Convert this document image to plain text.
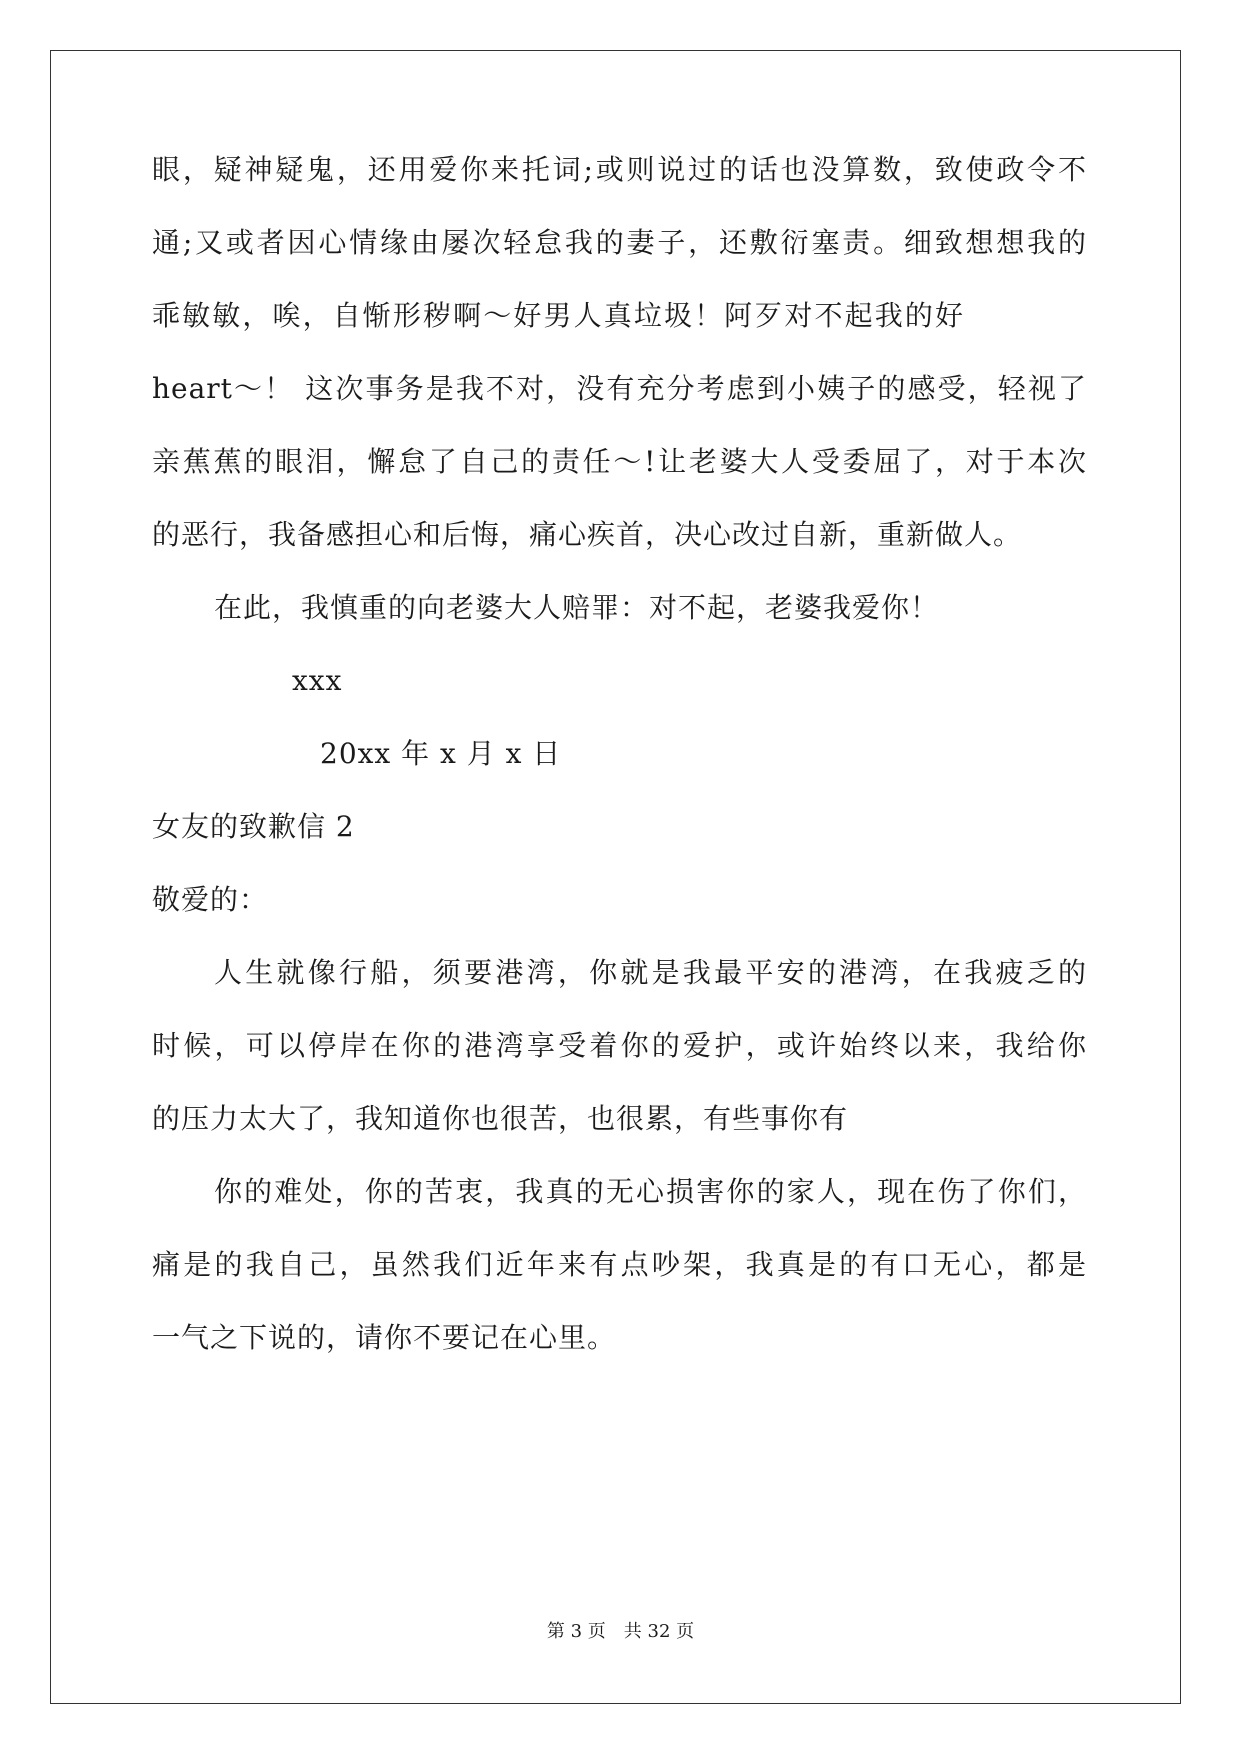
眼，疑神疑鬼，还用爱你来托词;或则说过的话也没算数，致使政令不
通;又或者因心情缘由屡次轻怠我的妻子，还敷衍塞责。细致想想我的
乖敏敏，唉，自惭形秽啊～好男人真垃圾！阿歹对不起我的好
heart～！ 这次事务是我不对，没有充分考虑到小姨子的感受，轻视了
亲蕉蕉的眼泪，懈怠了自己的责任～!让老婆大人受委屈了，对于本次
的恶行，我备感担心和后悔，痛心疾首，决心改过自新，重新做人。
在此，我慎重的向老婆大人赔罪：对不起，老婆我爱你！
xxx
20xx 年 x 月 x 日
女友的致歉信 2
敬爱的：
人生就像行船，须要港湾，你就是我最平安的港湾，在我疲乏的
时候，可以停岸在你的港湾享受着你的爱护，或许始终以来，我给你
的压力太大了，我知道你也很苦，也很累，有些事你有
你的难处，你的苦衷，我真的无心损害你的家人，现在伤了你们，
痛是的我自己，虽然我们近年来有点吵架，我真是的有口无心，都是
一气之下说的，请你不要记在心里。
第 3 页 共 32 页
